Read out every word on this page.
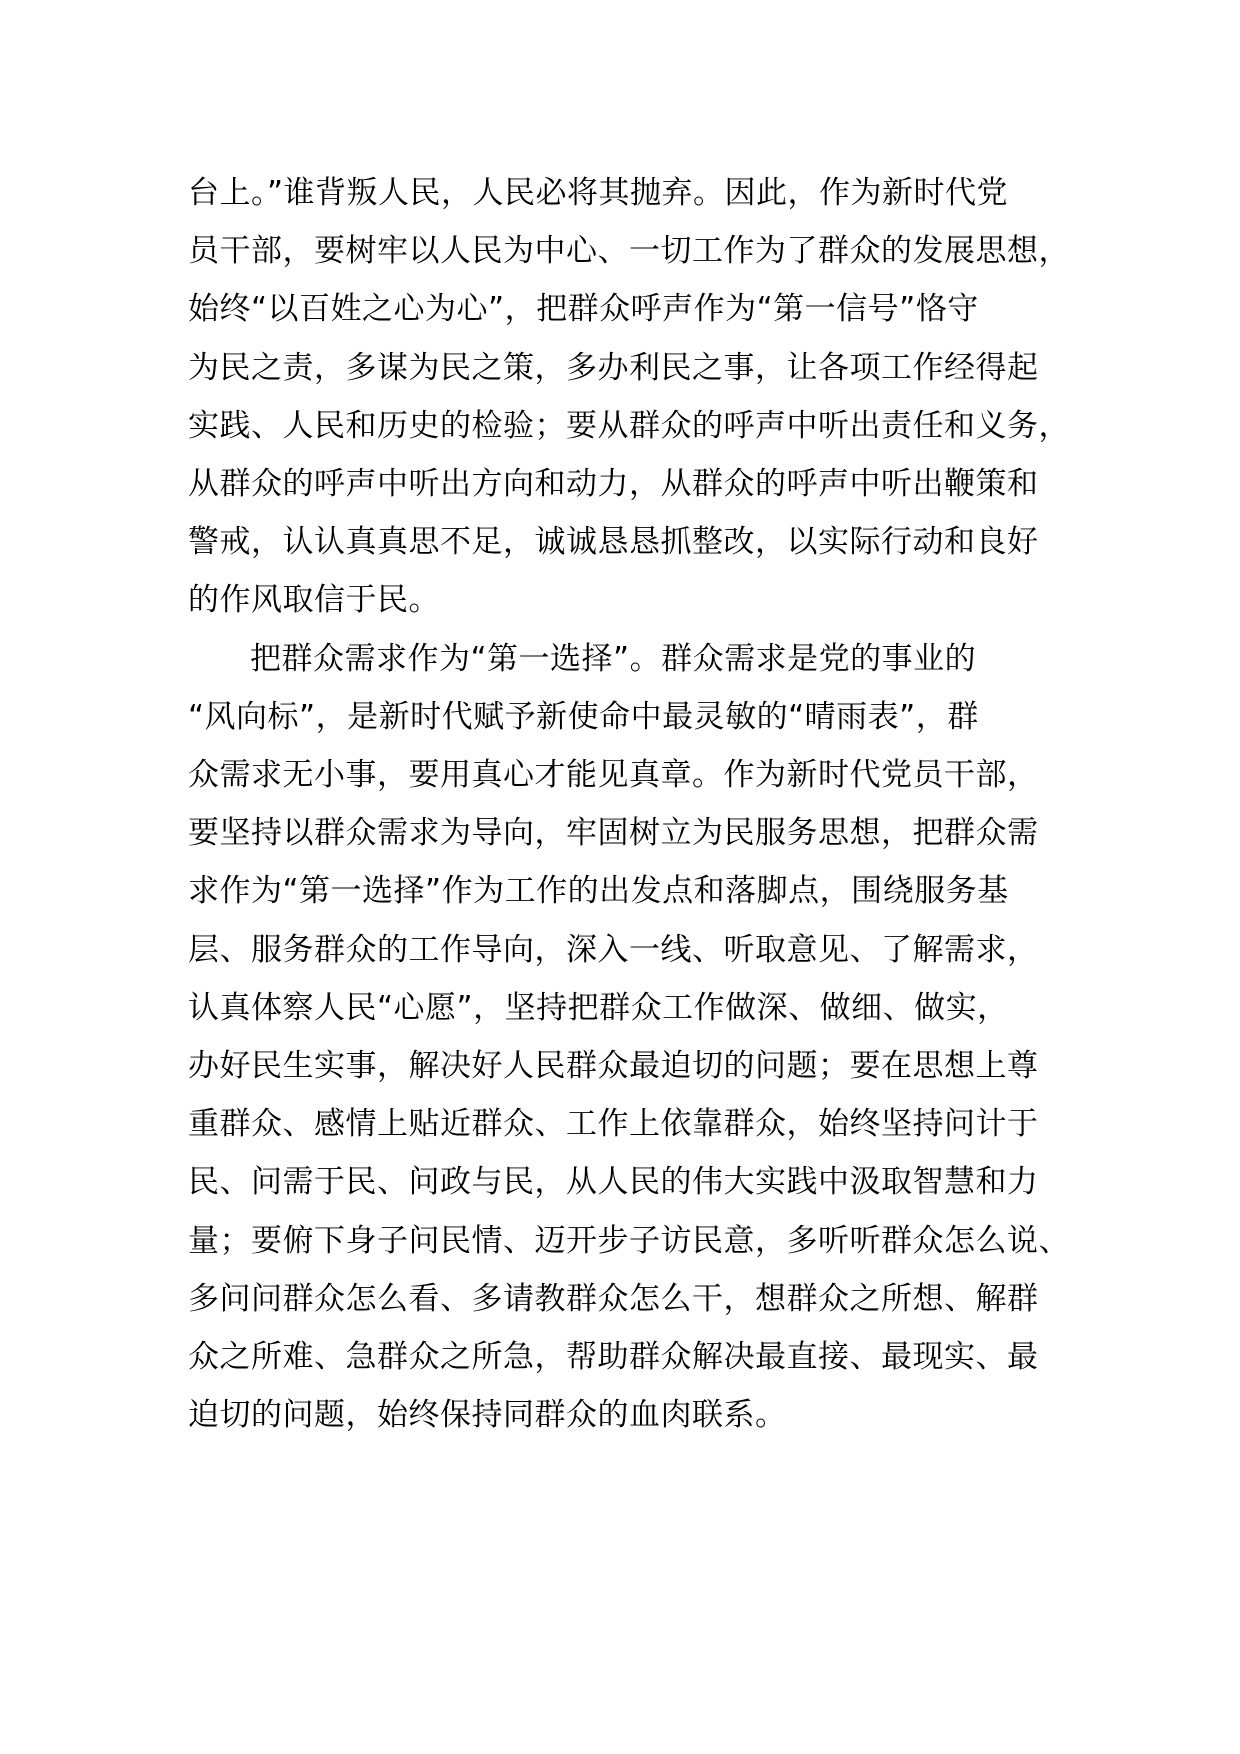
台上。”谁背叛人民，人民必将其抛弃。因此，作为新时代党
员干部，要树牢以人民为中心、一切工作为了群众的发展思想，
始终“以百姓之心为心”，把群众呼声作为“第一信号”恪守
为民之责，多谋为民之策，多办利民之事，让各项工作经得起
实践、人民和历史的检验；要从群众的呼声中听出责任和义务，
从群众的呼声中听出方向和动力，从群众的呼声中听出鞭策和
警戒，认认真真思不足，诚诚恳恳抓整改，以实际行动和良好
的作风取信于民。
把群众需求作为“第一选择”。群众需求是党的事业的
“风向标”，是新时代赋予新使命中最灵敏的“晴雨表”，群
众需求无小事，要用真心才能见真章。作为新时代党员干部，
要坚持以群众需求为导向，牢固树立为民服务思想，把群众需
求作为“第一选择”作为工作的出发点和落脚点，围绕服务基
层、服务群众的工作导向，深入一线、听取意见、了解需求，
认真体察人民“心愿”，坚持把群众工作做深、做细、做实，
办好民生实事，解决好人民群众最迫切的问题；要在思想上尊
重群众、感情上贴近群众、工作上依靠群众，始终坚持问计于
民、问需于民、问政与民，从人民的伟大实践中汲取智慧和力
量；要俯下身子问民情、迈开步子访民意，多听听群众怎么说、
多问问群众怎么看、多请教群众怎么干，想群众之所想、解群
众之所难、急群众之所急，帮助群众解决最直接、最现实、最
迫切的问题，始终保持同群众的血肉联系。
